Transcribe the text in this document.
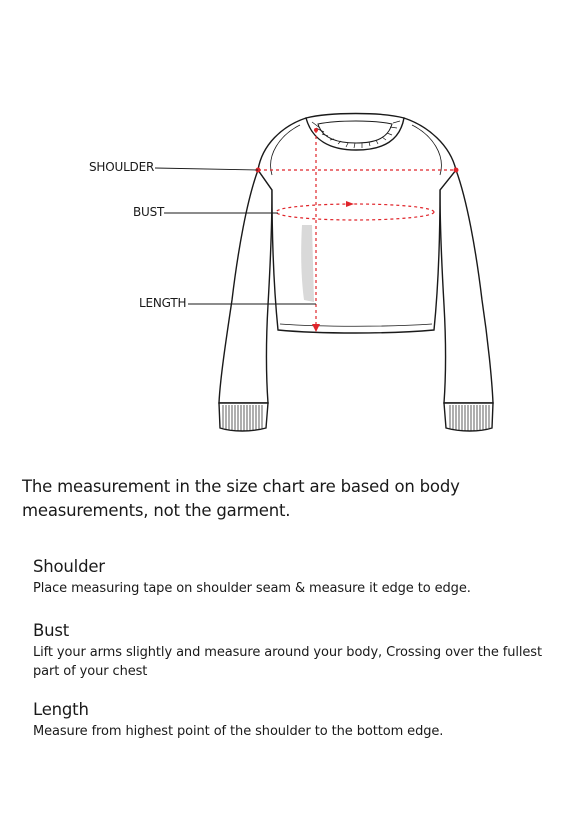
SHOULDER
BUST
LENGTH
The measurement in the size chart are based on body measurements, not the garment.
Shoulder

Place measuring tape on shoulder seam & measure it edge to edge.

Bust

Lift your arms slightly and measure around your body, Crossing over the fullest part of your chest

Length

Measure from highest point of the shoulder to the bottom edge.
